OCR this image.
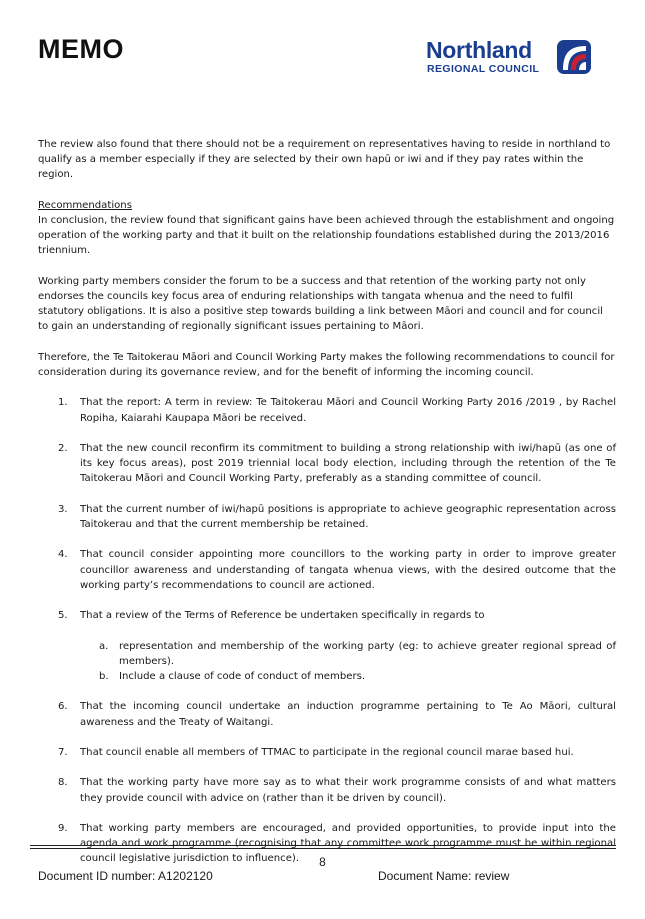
MEMO	Northland
REGIONAL COUNCIL

The review also found that there should not be a requirement on representatives having to reside in northland to qualify as a member especially if they are selected by their own hapū or iwi and if they pay rates within the region.

Recommendations

In conclusion, the review found that significant gains have been achieved through the establishment and ongoing operation of the working party and that it built on the relationship foundations established during the 2013/2016 triennium.

Working party members consider the forum to be a success and that retention of the working party not only endorses the councils key focus area of enduring relationships with tangata whenua and the need to fulfil statutory obligations. It is also a positive step towards building a link between Māori and council and for council to gain an understanding of regionally significant issues pertaining to Māori.

Therefore, the Te Taitokerau Māori and Council Working Party makes the following recommendations to council for consideration during its governance review, and for the benefit of informing the incoming council.

1. That the report: A term in review: Te Taitokerau Māori and Council Working Party 2016 /2019 , by Rachel Ropiha, Kaiarahi Kaupapa Māori be received.
2. That the new council reconfirm its commitment to building a strong relationship with iwi/hapū (as one of its key focus areas), post 2019 triennial local body election, including through the retention of the Te Taitokerau Māori and Council Working Party, preferably as a standing committee of council.
3. That the current number of iwi/hapū positions is appropriate to achieve geographic representation across Taitokerau and that the current membership be retained.
4. That council consider appointing more councillors to the working party in order to improve greater councillor awareness and understanding of tangata whenua views, with the desired outcome that the working party’s recommendations to council are actioned.
5. That a review of the Terms of Reference be undertaken specifically in regards to
a. representation and membership of the working party (eg: to achieve greater regional spread of members).
b. Include a clause of code of conduct of members.
6. That the incoming council undertake an induction programme pertaining to Te Ao Māori, cultural awareness and the Treaty of Waitangi.
7. That council enable all members of TTMAC to participate in the regional council marae based hui.
8. That the working party have more say as to what their work programme consists of and what matters they provide council with advice on (rather than it be driven by council).
9. That working party members are encouraged, and provided opportunities, to provide input into the agenda and work programme (recognising that any committee work programme must be within regional council legislative jurisdiction to influence).	8
Document ID number: A1202120	Document Name: review
